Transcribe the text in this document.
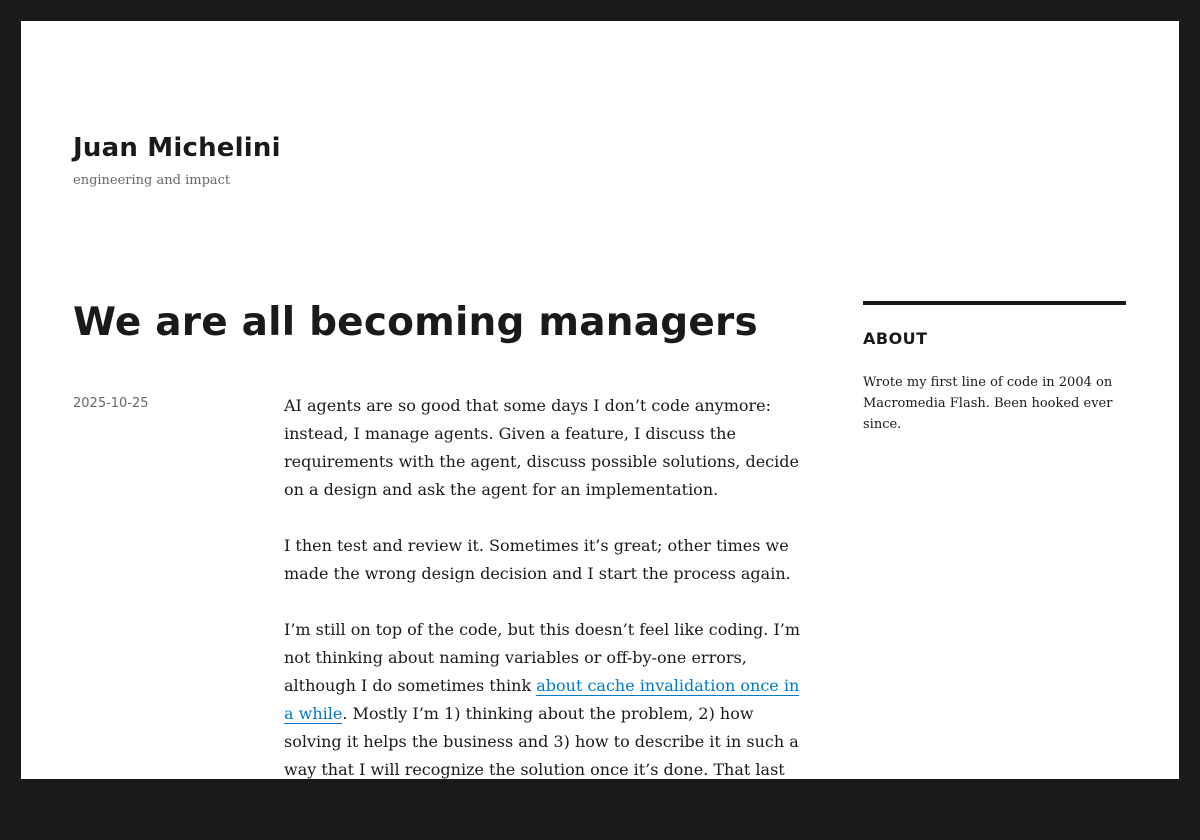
Juan Michelini

engineering and impact

We are all becoming managers
2025-10-25	AI agents are so good that some days I don’t code anymore: instead, I manage agents. Given a feature, I discuss the requirements with the agent, discuss possible solutions, decide on a design and ask the agent for an implementation.

I then test and review it. Sometimes it’s great; other times we made the wrong design decision and I start the process again.

I’m still on top of the code, but this doesn’t feel like coding. I’m not thinking about naming variables or off-by-one errors, although I do sometimes think about cache invalidation once in a while. Mostly I’m 1) thinking about the problem, 2) how solving it helps the business and 3) how to describe it in such a way that I will recognize the solution once it’s done. That last point feels

ABOUT

Wrote my first line of code in 2004 on Macromedia Flash. Been hooked ever since.
